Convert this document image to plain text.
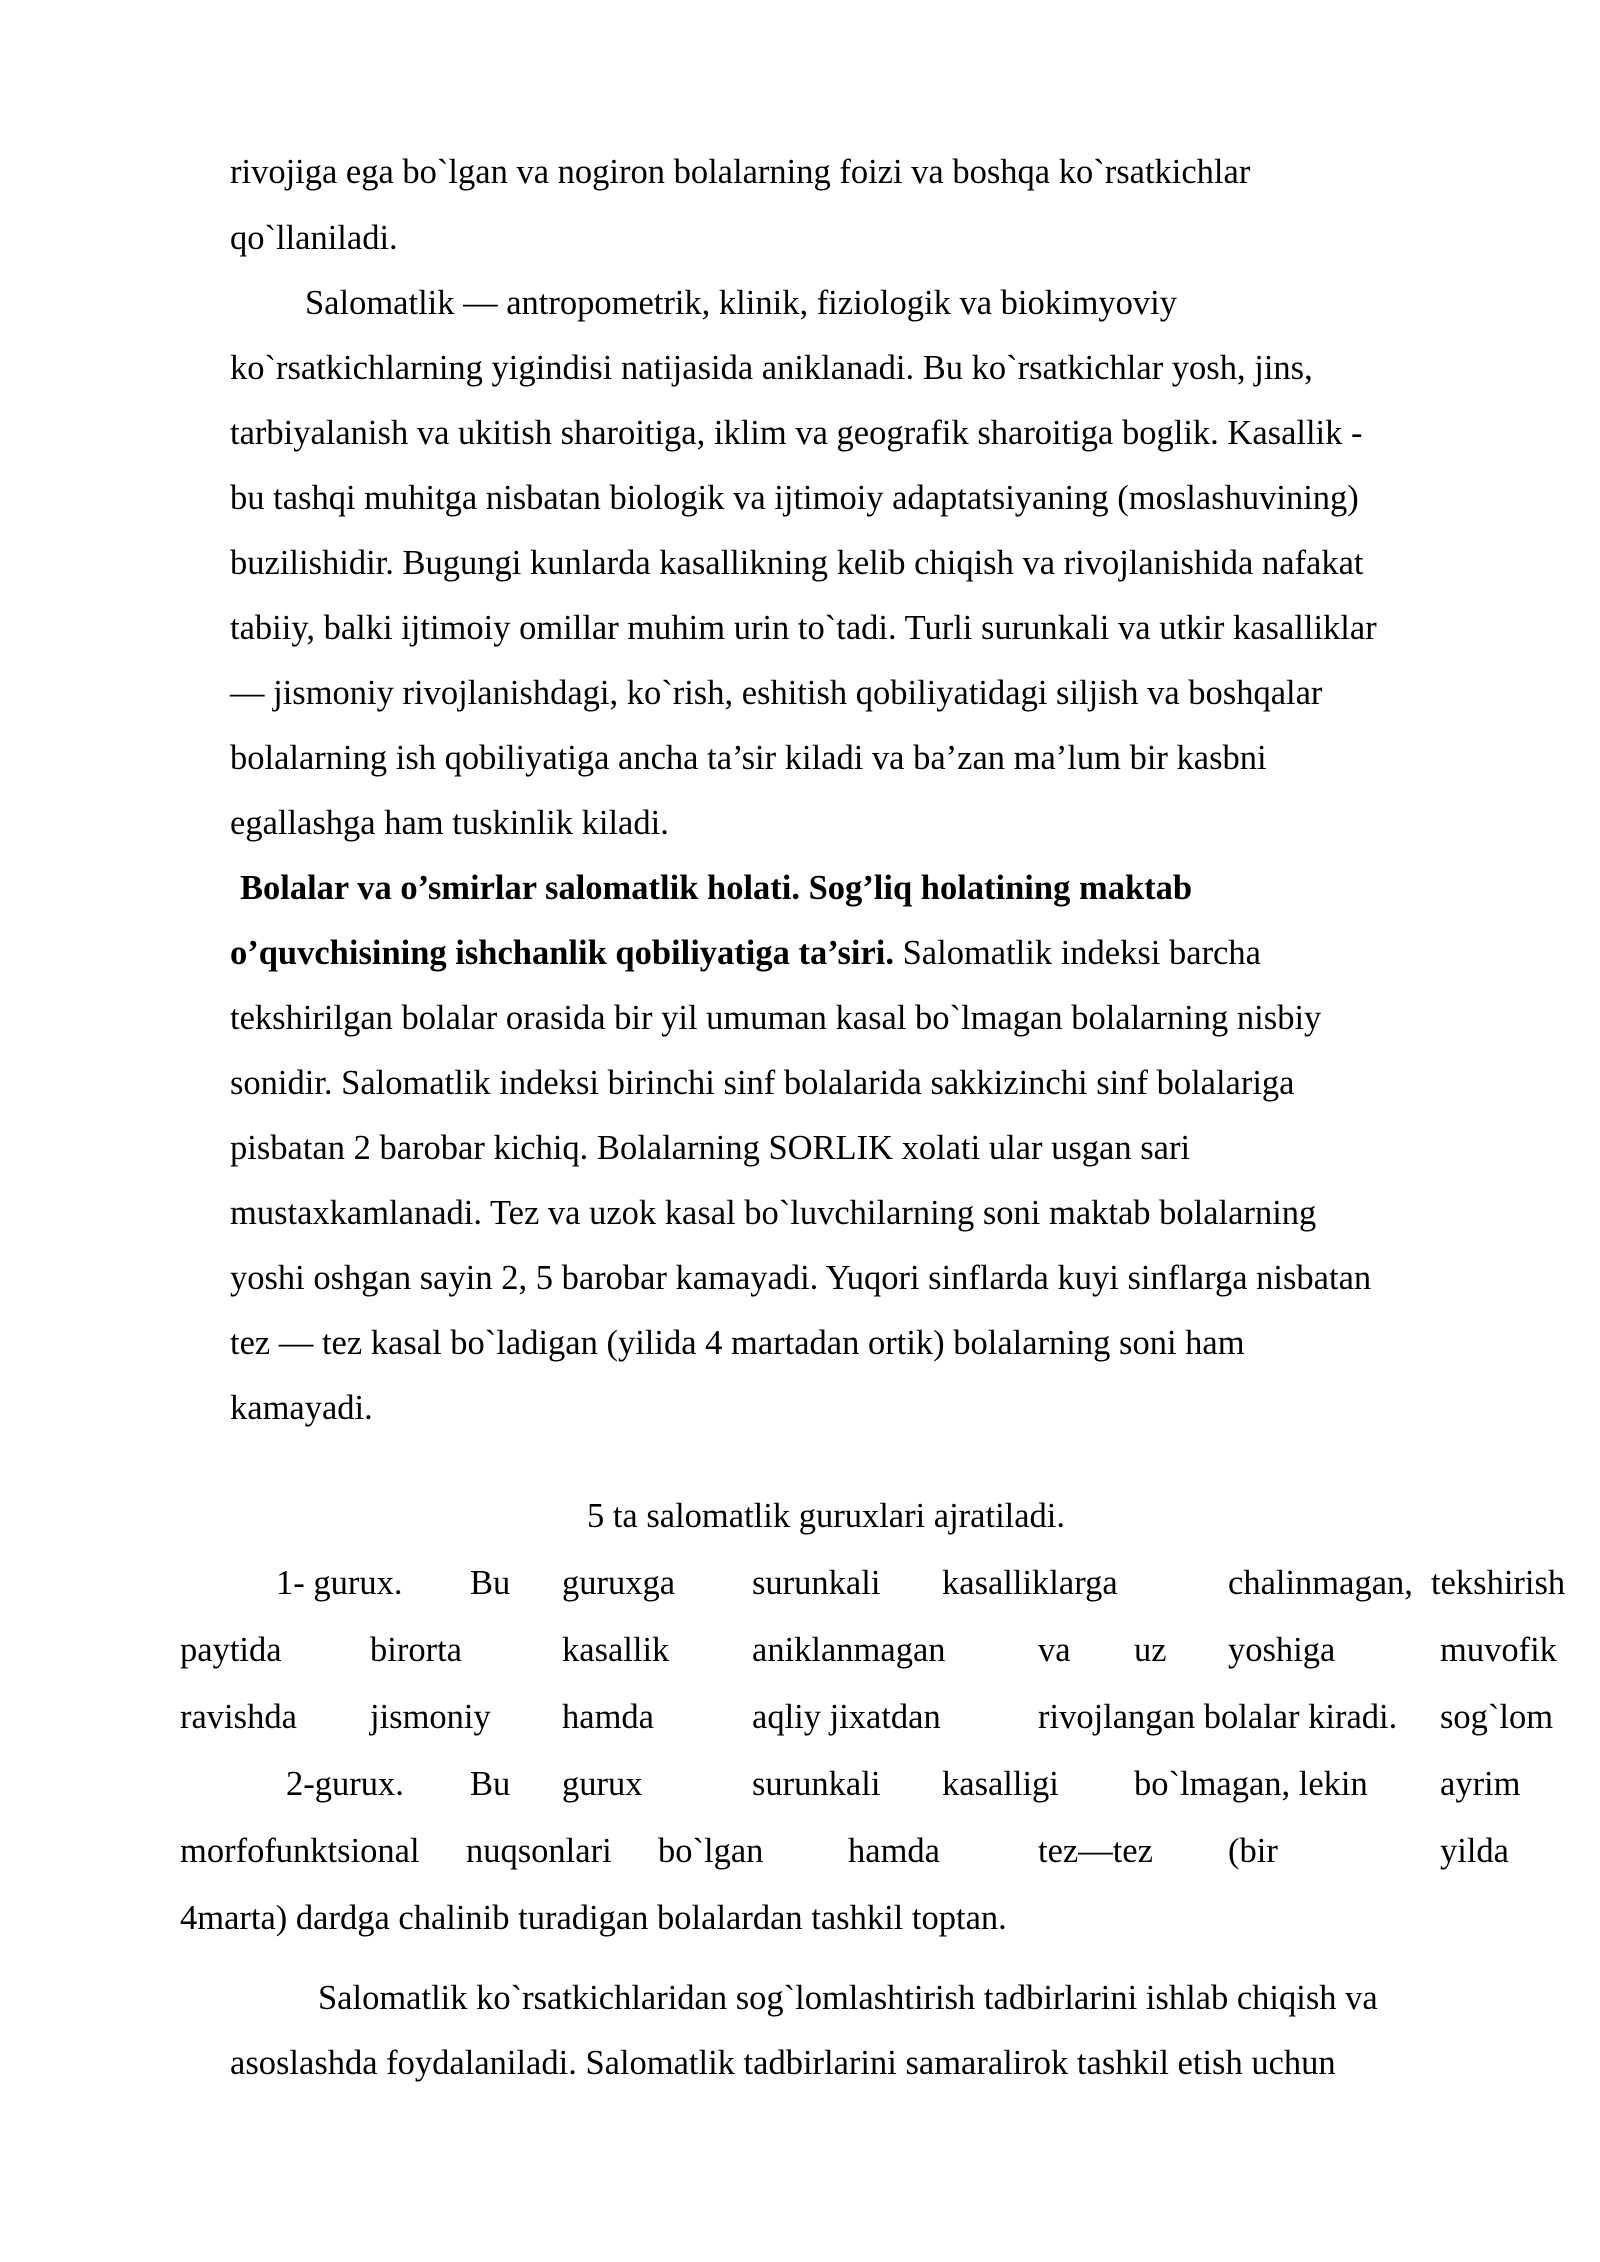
rivojiga ega bo`lgan va nogiron bolalarning foizi va boshqa ko`rsatkichlar
qo`llaniladi.
Salomatlik — antropometrik, klinik, fiziologik va biokimyoviy
ko`rsatkichlarning yigindisi natijasida aniklanadi. Bu ko`rsatkichlar yosh, jins,
tarbiyalanish va ukitish sharoitiga, iklim va geografik sharoitiga boglik. Kasallik -
bu tashqi muhitga nisbatan biologik va ijtimoiy adaptatsiyaning (moslashuvining)
buzilishidir. Bugungi kunlarda kasallikning kelib chiqish va rivojlanishida nafakat
tabiiy, balki ijtimoiy omillar muhim urin to`tadi. Turli surunkali va utkir kasalliklar
— jismoniy rivojlanishdagi, ko`rish, eshitish qobiliyatidagi siljish va boshqalar
bolalarning ish qobiliyatiga ancha ta’sir kiladi va ba’zan ma’lum bir kasbni
egallashga ham tuskinlik kiladi.
Bolalar va o’smirlar salomatlik holati. Sog’liq holatining maktab
o’quvchisining ishchanlik qobiliyatiga ta’siri. Salomatlik indeksi barcha
tekshirilgan bolalar orasida bir yil umuman kasal bo`lmagan bolalarning nisbiy
sonidir. Salomatlik indeksi birinchi sinf bolalarida sakkizinchi sinf bolalariga
pisbatan 2 barobar kichiq. Bolalarning SORLIK xolati ular usgan sari
mustaxkamlanadi. Tez va uzok kasal bo`luvchilarning soni maktab bolalarning
yoshi oshgan sayin 2, 5 barobar kamayadi. Yuqori sinflarda kuyi sinflarga nisbatan
tez — tez kasal bo`ladigan (yilida 4 martadan ortik) bolalarning soni ham
kamayadi.
5 ta salomatlik guruxlari ajratiladi.
1- gurux. Bu guruxga surunkali kasalliklarga	chalinmagan, tekshirish
paytida	birorta	kasallik aniklanmagan	va uz yoshiga	muvofik
ravishda jismoniy hamda	aqliy jixatdan	rivojlangan bolalar kiradi. sog`lom
2-gurux. Bu gurux	surunkali kasalligi bo`lmagan, lekin ayrim
morfofunktsional nuqsonlari bo`lgan hamda	tez—tez (bir	yilda
4marta) dardga chalinib turadigan bolalardan tashkil toptan.
Salomatlik ko`rsatkichlaridan sog`lomlashtirish tadbirlarini ishlab chiqish va
asoslashda foydalaniladi. Salomatlik tadbirlarini samaralirok tashkil etish uchun
